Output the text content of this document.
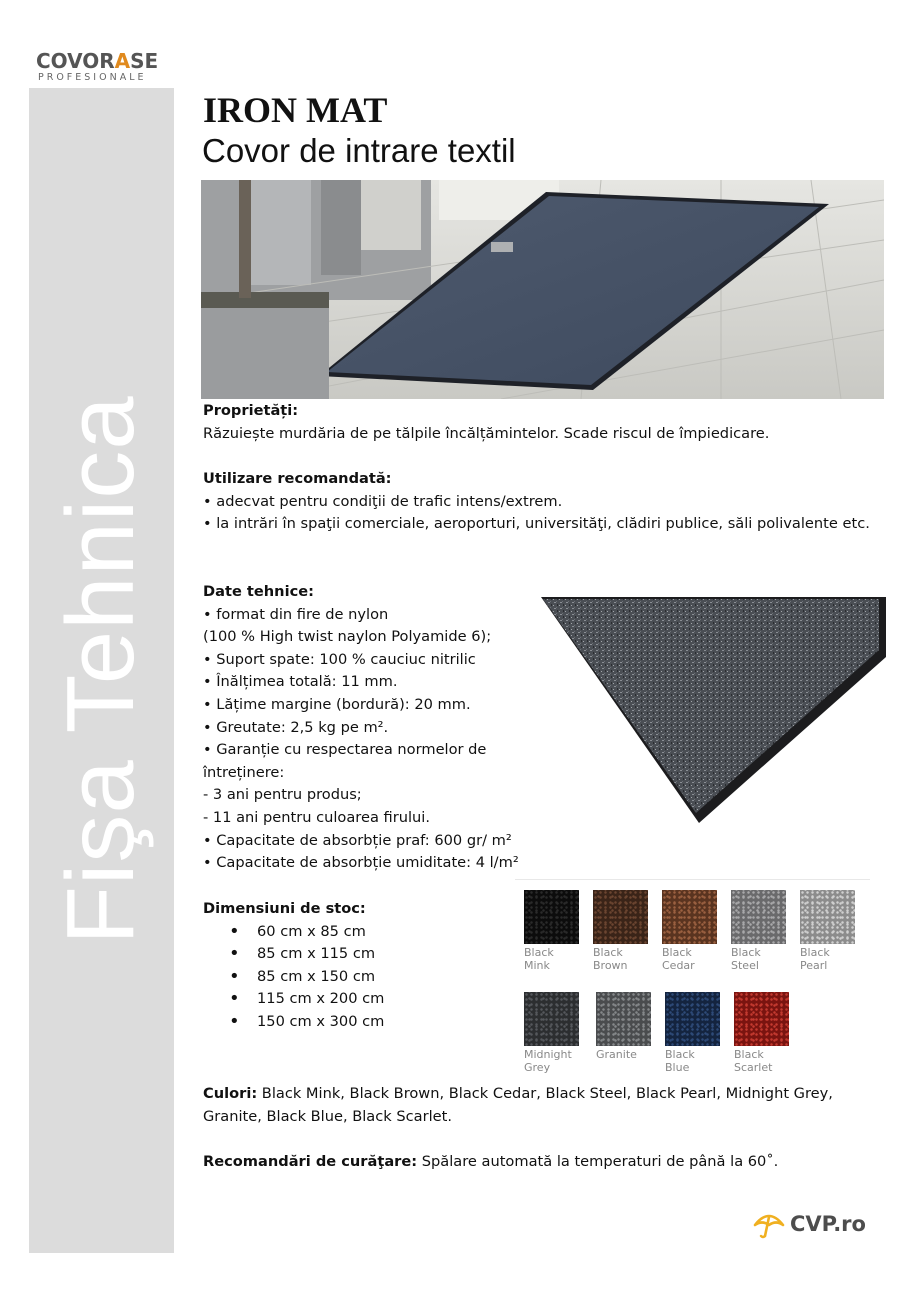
Fişa Tehnica
COVORASE
PROFESIONALE
IRON MAT
Covor de intrare textil
Proprietăți:
Răzuiește murdăria de pe tălpile încălțămintelor. Scade riscul de împiedicare.
Utilizare recomandată:
• adecvat pentru condiţii de trafic intens/extrem.
• la intrări în spaţii comerciale, aeroporturi, universităţi, clădiri publice, săli polivalente etc.
Date tehnice:
• format din fire de nylon
(100 % High twist naylon Polyamide 6);
• Suport spate: 100 % cauciuc nitrilic
• Înălțimea totală: 11 mm.
• Lățime margine (bordură): 20 mm.
• Greutate: 2,5 kg pe m².
• Garanție cu respectarea normelor de întreținere:
- 3 ani pentru produs;
- 11 ani pentru culoarea firului.
• Capacitate de absorbție praf: 600 gr/ m²
• Capacitate de absorbție umiditate: 4 l/m²
Dimensiuni de stoc:
• 60 cm x 85 cm
• 85 cm x 115 cm
• 85 cm x 150 cm
• 115 cm x 200 cm
• 150 cm x 300 cm
Black
Mink
Black
Brown
Black
Cedar
Black
Steel
Black
Pearl
Midnight
Grey
Granite	Black
Blue
Black
Scarlet
Culori: Black Mink, Black Brown, Black Cedar, Black Steel, Black Pearl, Midnight Grey, Granite, Black Blue, Black Scarlet.
Recomandări de curăţare: Spălare automată la temperaturi de până la 60˚.
CVP.ro
